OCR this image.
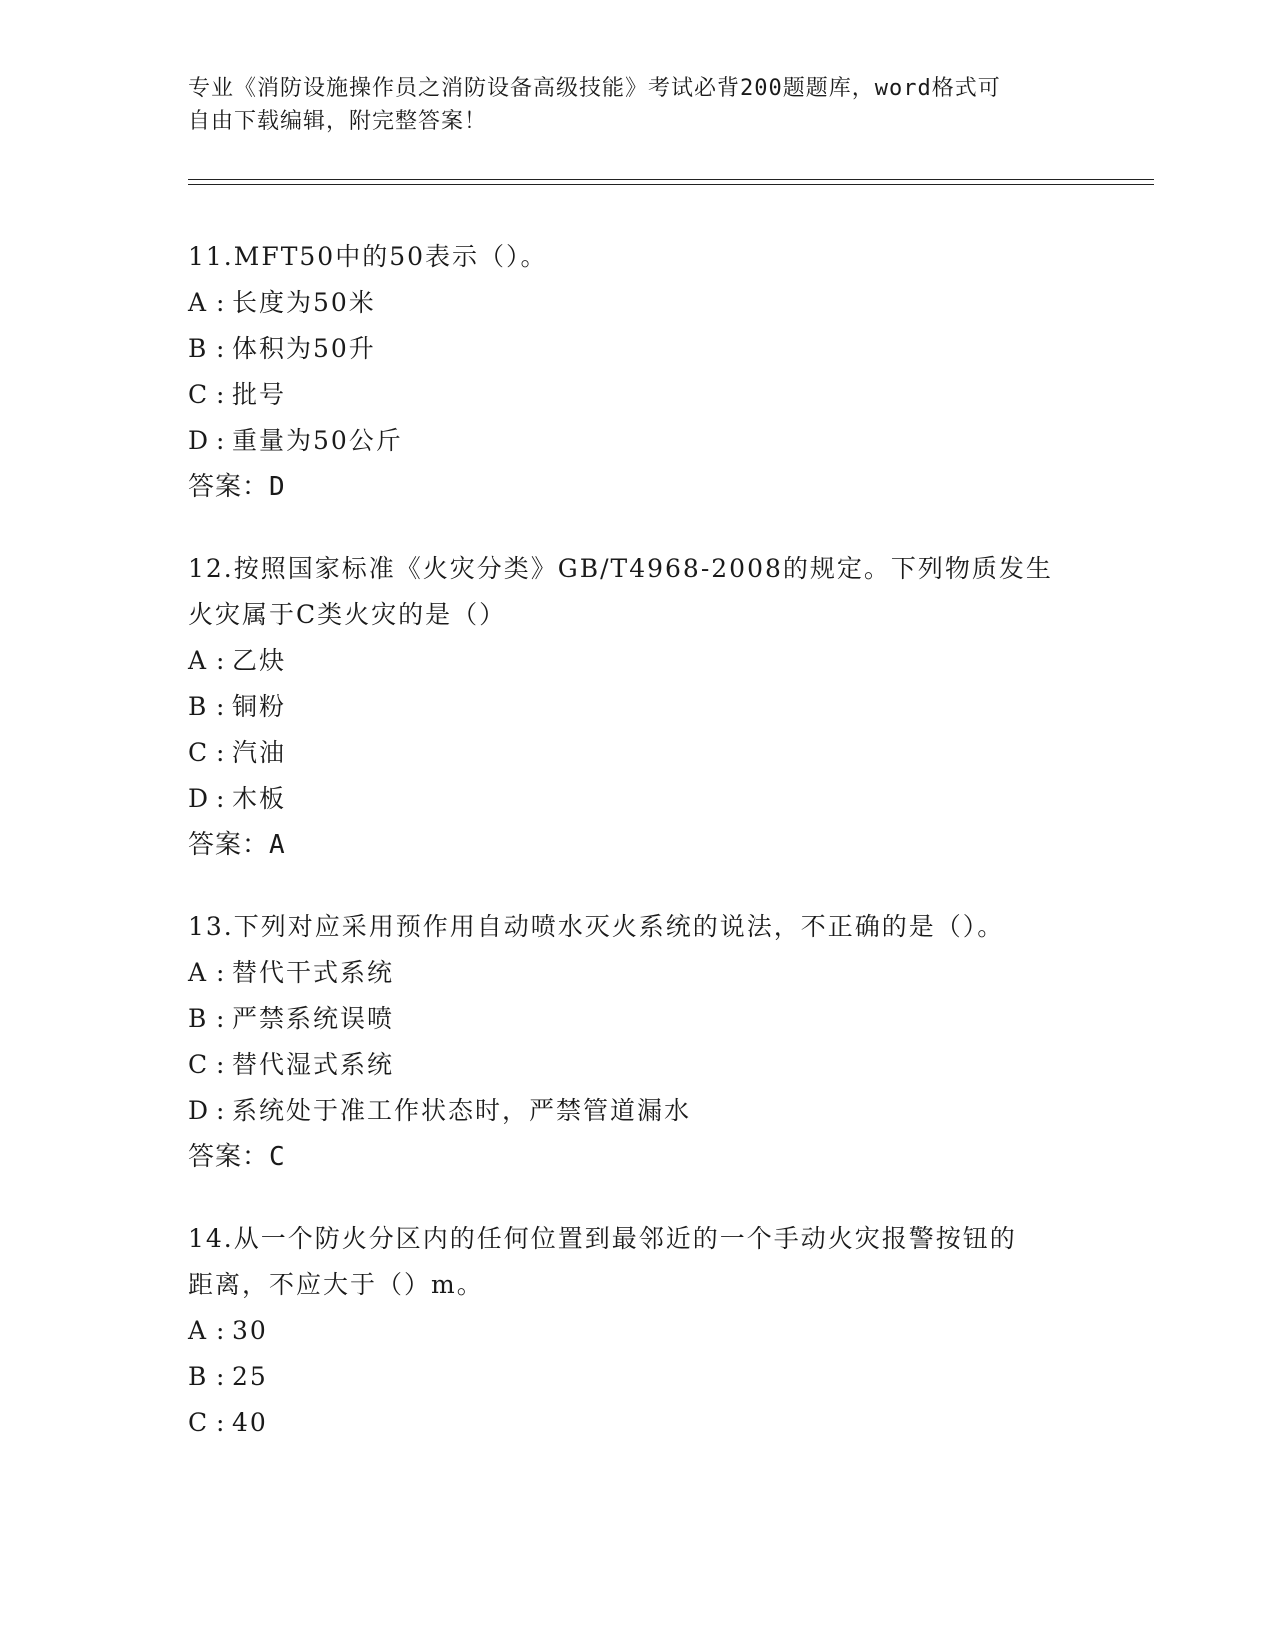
专业《消防设施操作员之消防设备高级技能》考试必背200题题库，word格式可
自由下载编辑，附完整答案！
11.MFT50中的50表示（）。
A : 长度为50米
B : 体积为50升
C : 批号
D : 重量为50公斤
答案：D
12.按照国家标准《火灾分类》GB/T4968-2008的规定。下列物质发生
火灾属于C类火灾的是（）
A : 乙炔
B : 铜粉
C : 汽油
D : 木板
答案：A
13.下列对应采用预作用自动喷水灭火系统的说法，不正确的是（）。
A : 替代干式系统
B : 严禁系统误喷
C : 替代湿式系统
D : 系统处于准工作状态时，严禁管道漏水
答案：C
14.从一个防火分区内的任何位置到最邻近的一个手动火灾报警按钮的
距离，不应大于（）m。
A : 30
B : 25
C : 40
